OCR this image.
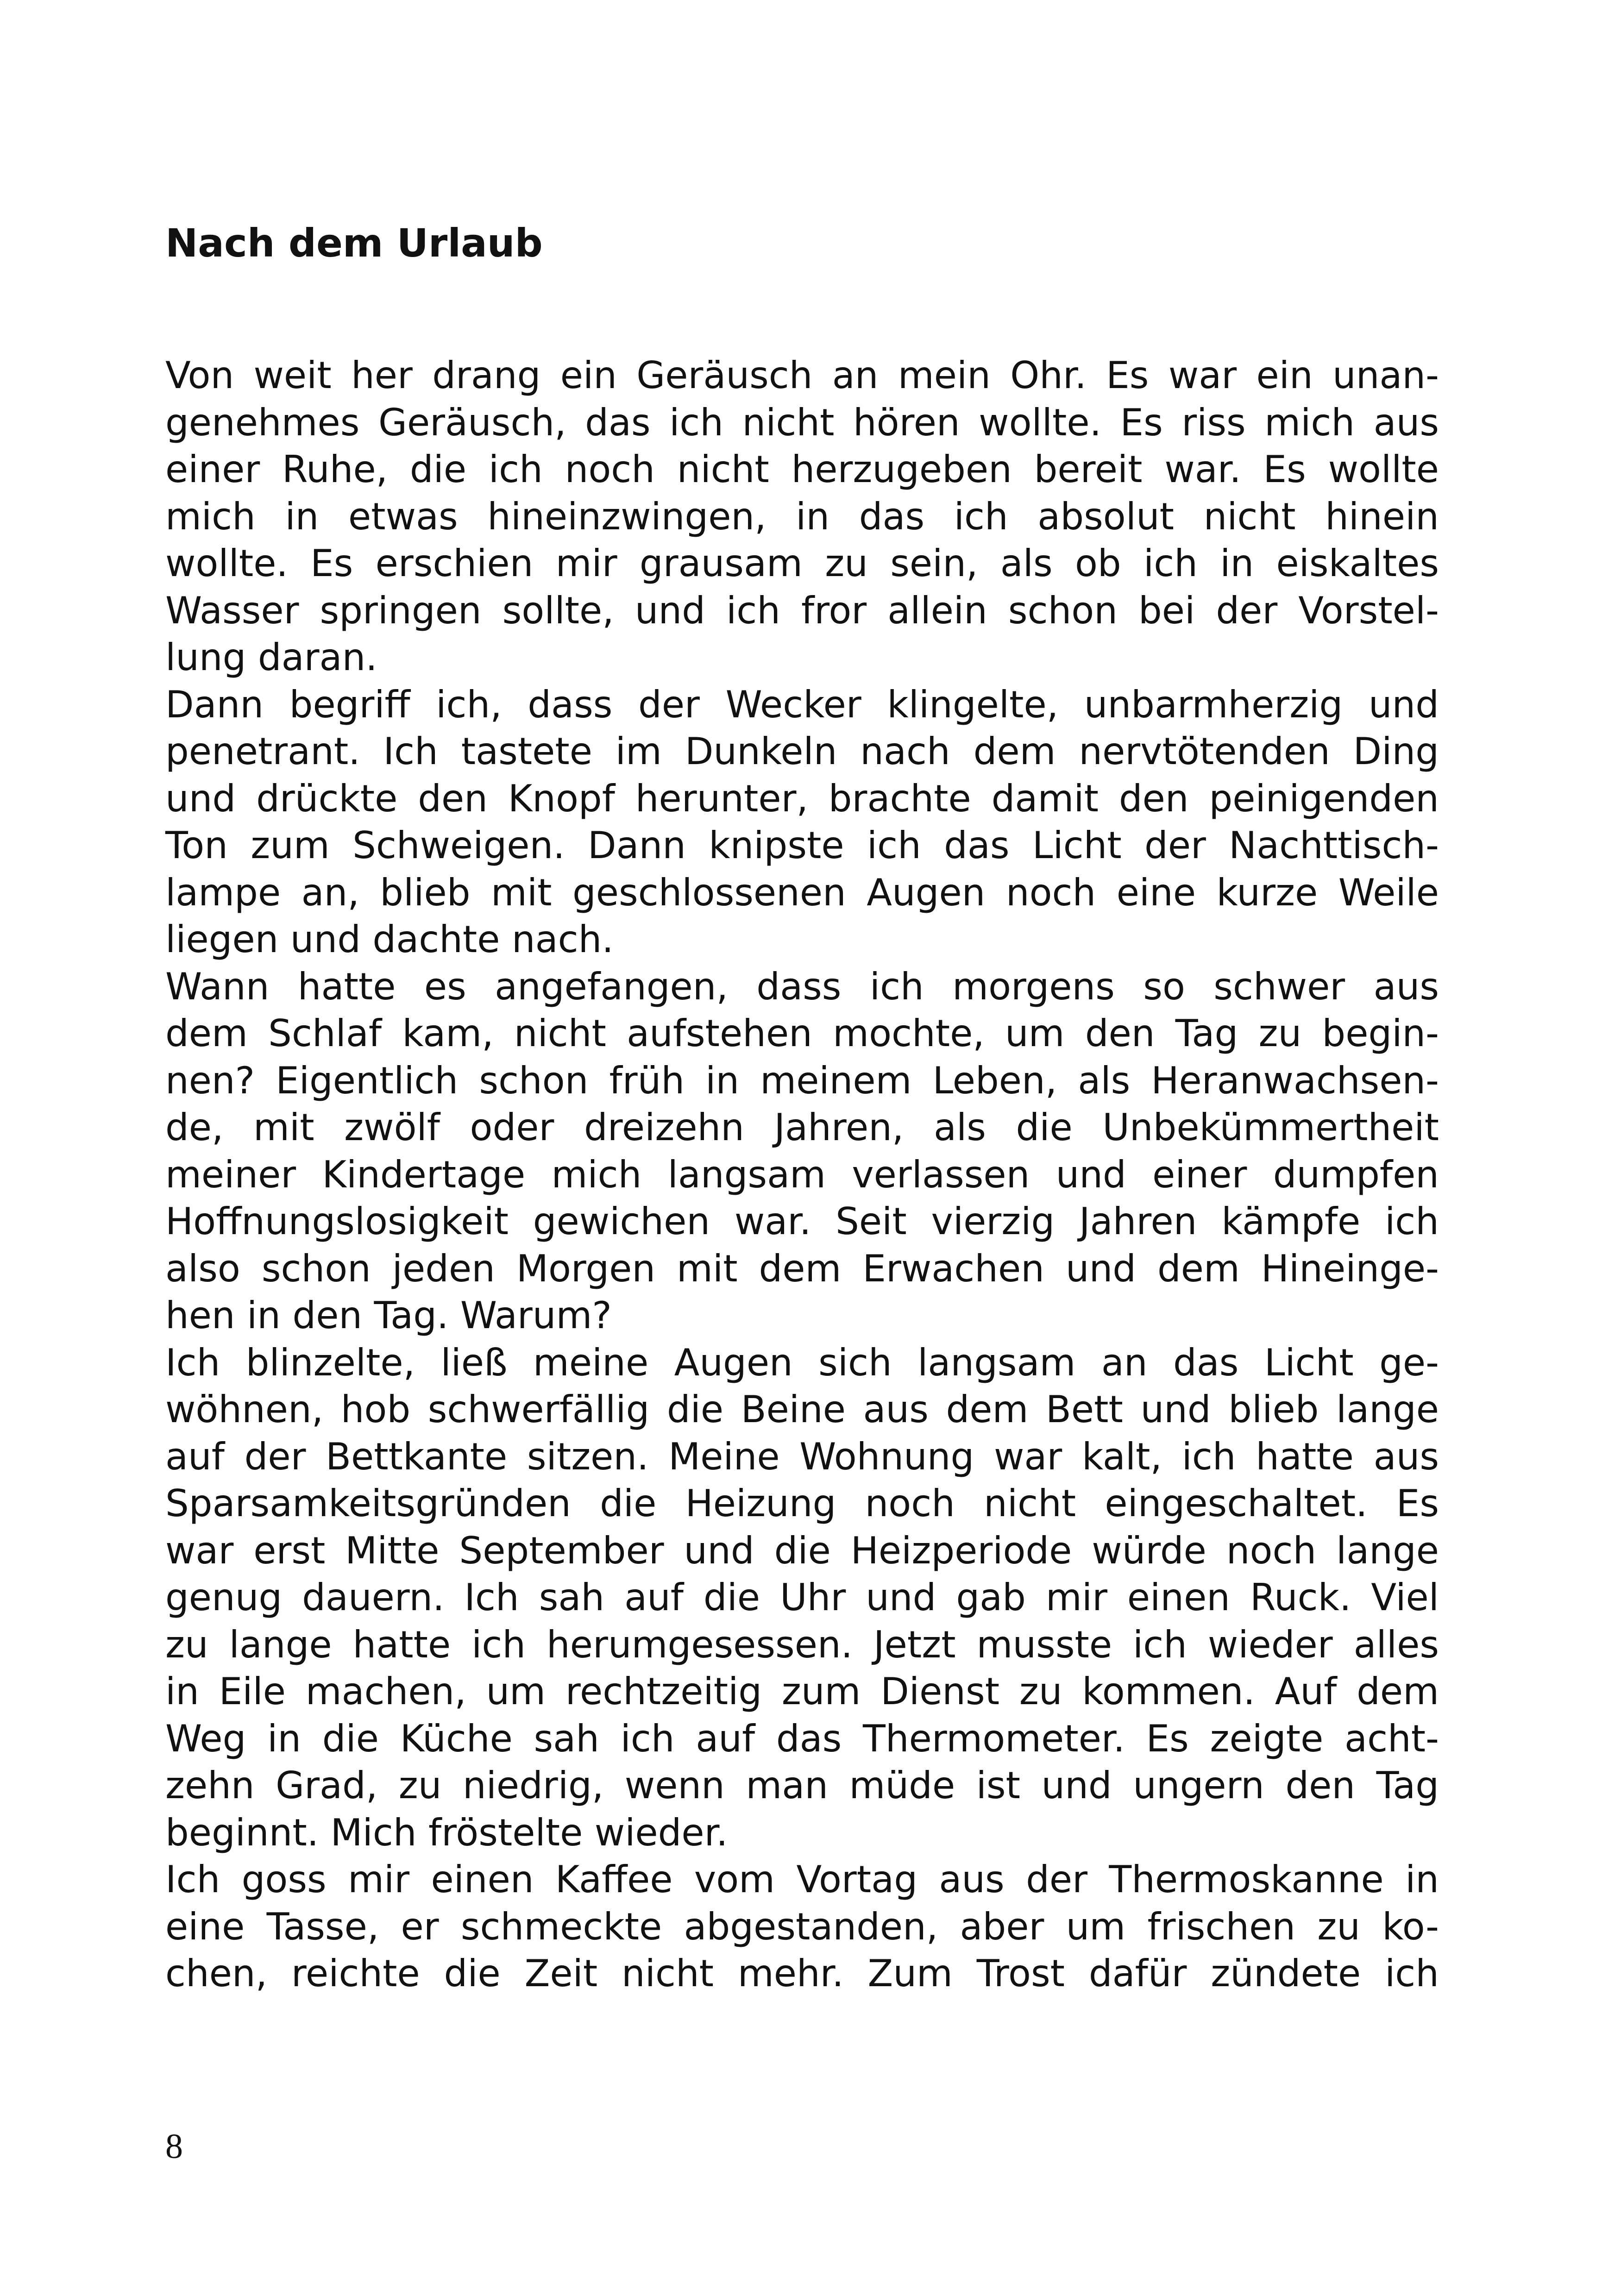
Nach dem Urlaub
Von weit her drang ein Geräusch an mein Ohr. Es war ein unan-
genehmes Geräusch, das ich nicht hören wollte. Es riss mich aus
einer Ruhe, die ich noch nicht herzugeben bereit war. Es wollte
mich in etwas hineinzwingen, in das ich absolut nicht hinein
wollte. Es erschien mir grausam zu sein, als ob ich in eiskaltes
Wasser springen sollte, und ich fror allein schon bei der Vorstel-
lung daran.
Dann begriff ich, dass der Wecker klingelte, unbarmherzig und
penetrant. Ich tastete im Dunkeln nach dem nervtötenden Ding
und drückte den Knopf herunter, brachte damit den peinigenden
Ton zum Schweigen. Dann knipste ich das Licht der Nachttisch-
lampe an, blieb mit geschlossenen Augen noch eine kurze Weile
liegen und dachte nach.
Wann hatte es angefangen, dass ich morgens so schwer aus
dem Schlaf kam, nicht aufstehen mochte, um den Tag zu begin-
nen? Eigentlich schon früh in meinem Leben, als Heranwachsen-
de, mit zwölf oder dreizehn Jahren, als die Unbekümmertheit
meiner Kindertage mich langsam verlassen und einer dumpfen
Hoffnungslosigkeit gewichen war. Seit vierzig Jahren kämpfe ich
also schon jeden Morgen mit dem Erwachen und dem Hineinge-
hen in den Tag. Warum?
Ich blinzelte, ließ meine Augen sich langsam an das Licht ge-
wöhnen, hob schwerfällig die Beine aus dem Bett und blieb lange
auf der Bettkante sitzen. Meine Wohnung war kalt, ich hatte aus
Sparsamkeitsgründen die Heizung noch nicht eingeschaltet. Es
war erst Mitte September und die Heizperiode würde noch lange
genug dauern. Ich sah auf die Uhr und gab mir einen Ruck. Viel
zu lange hatte ich herumgesessen. Jetzt musste ich wieder alles
in Eile machen, um rechtzeitig zum Dienst zu kommen. Auf dem
Weg in die Küche sah ich auf das Thermometer. Es zeigte acht-
zehn Grad, zu niedrig, wenn man müde ist und ungern den Tag
beginnt. Mich fröstelte wieder.
Ich goss mir einen Kaffee vom Vortag aus der Thermoskanne in
eine Tasse, er schmeckte abgestanden, aber um frischen zu ko-
chen, reichte die Zeit nicht mehr. Zum Trost dafür zündete ich
8
